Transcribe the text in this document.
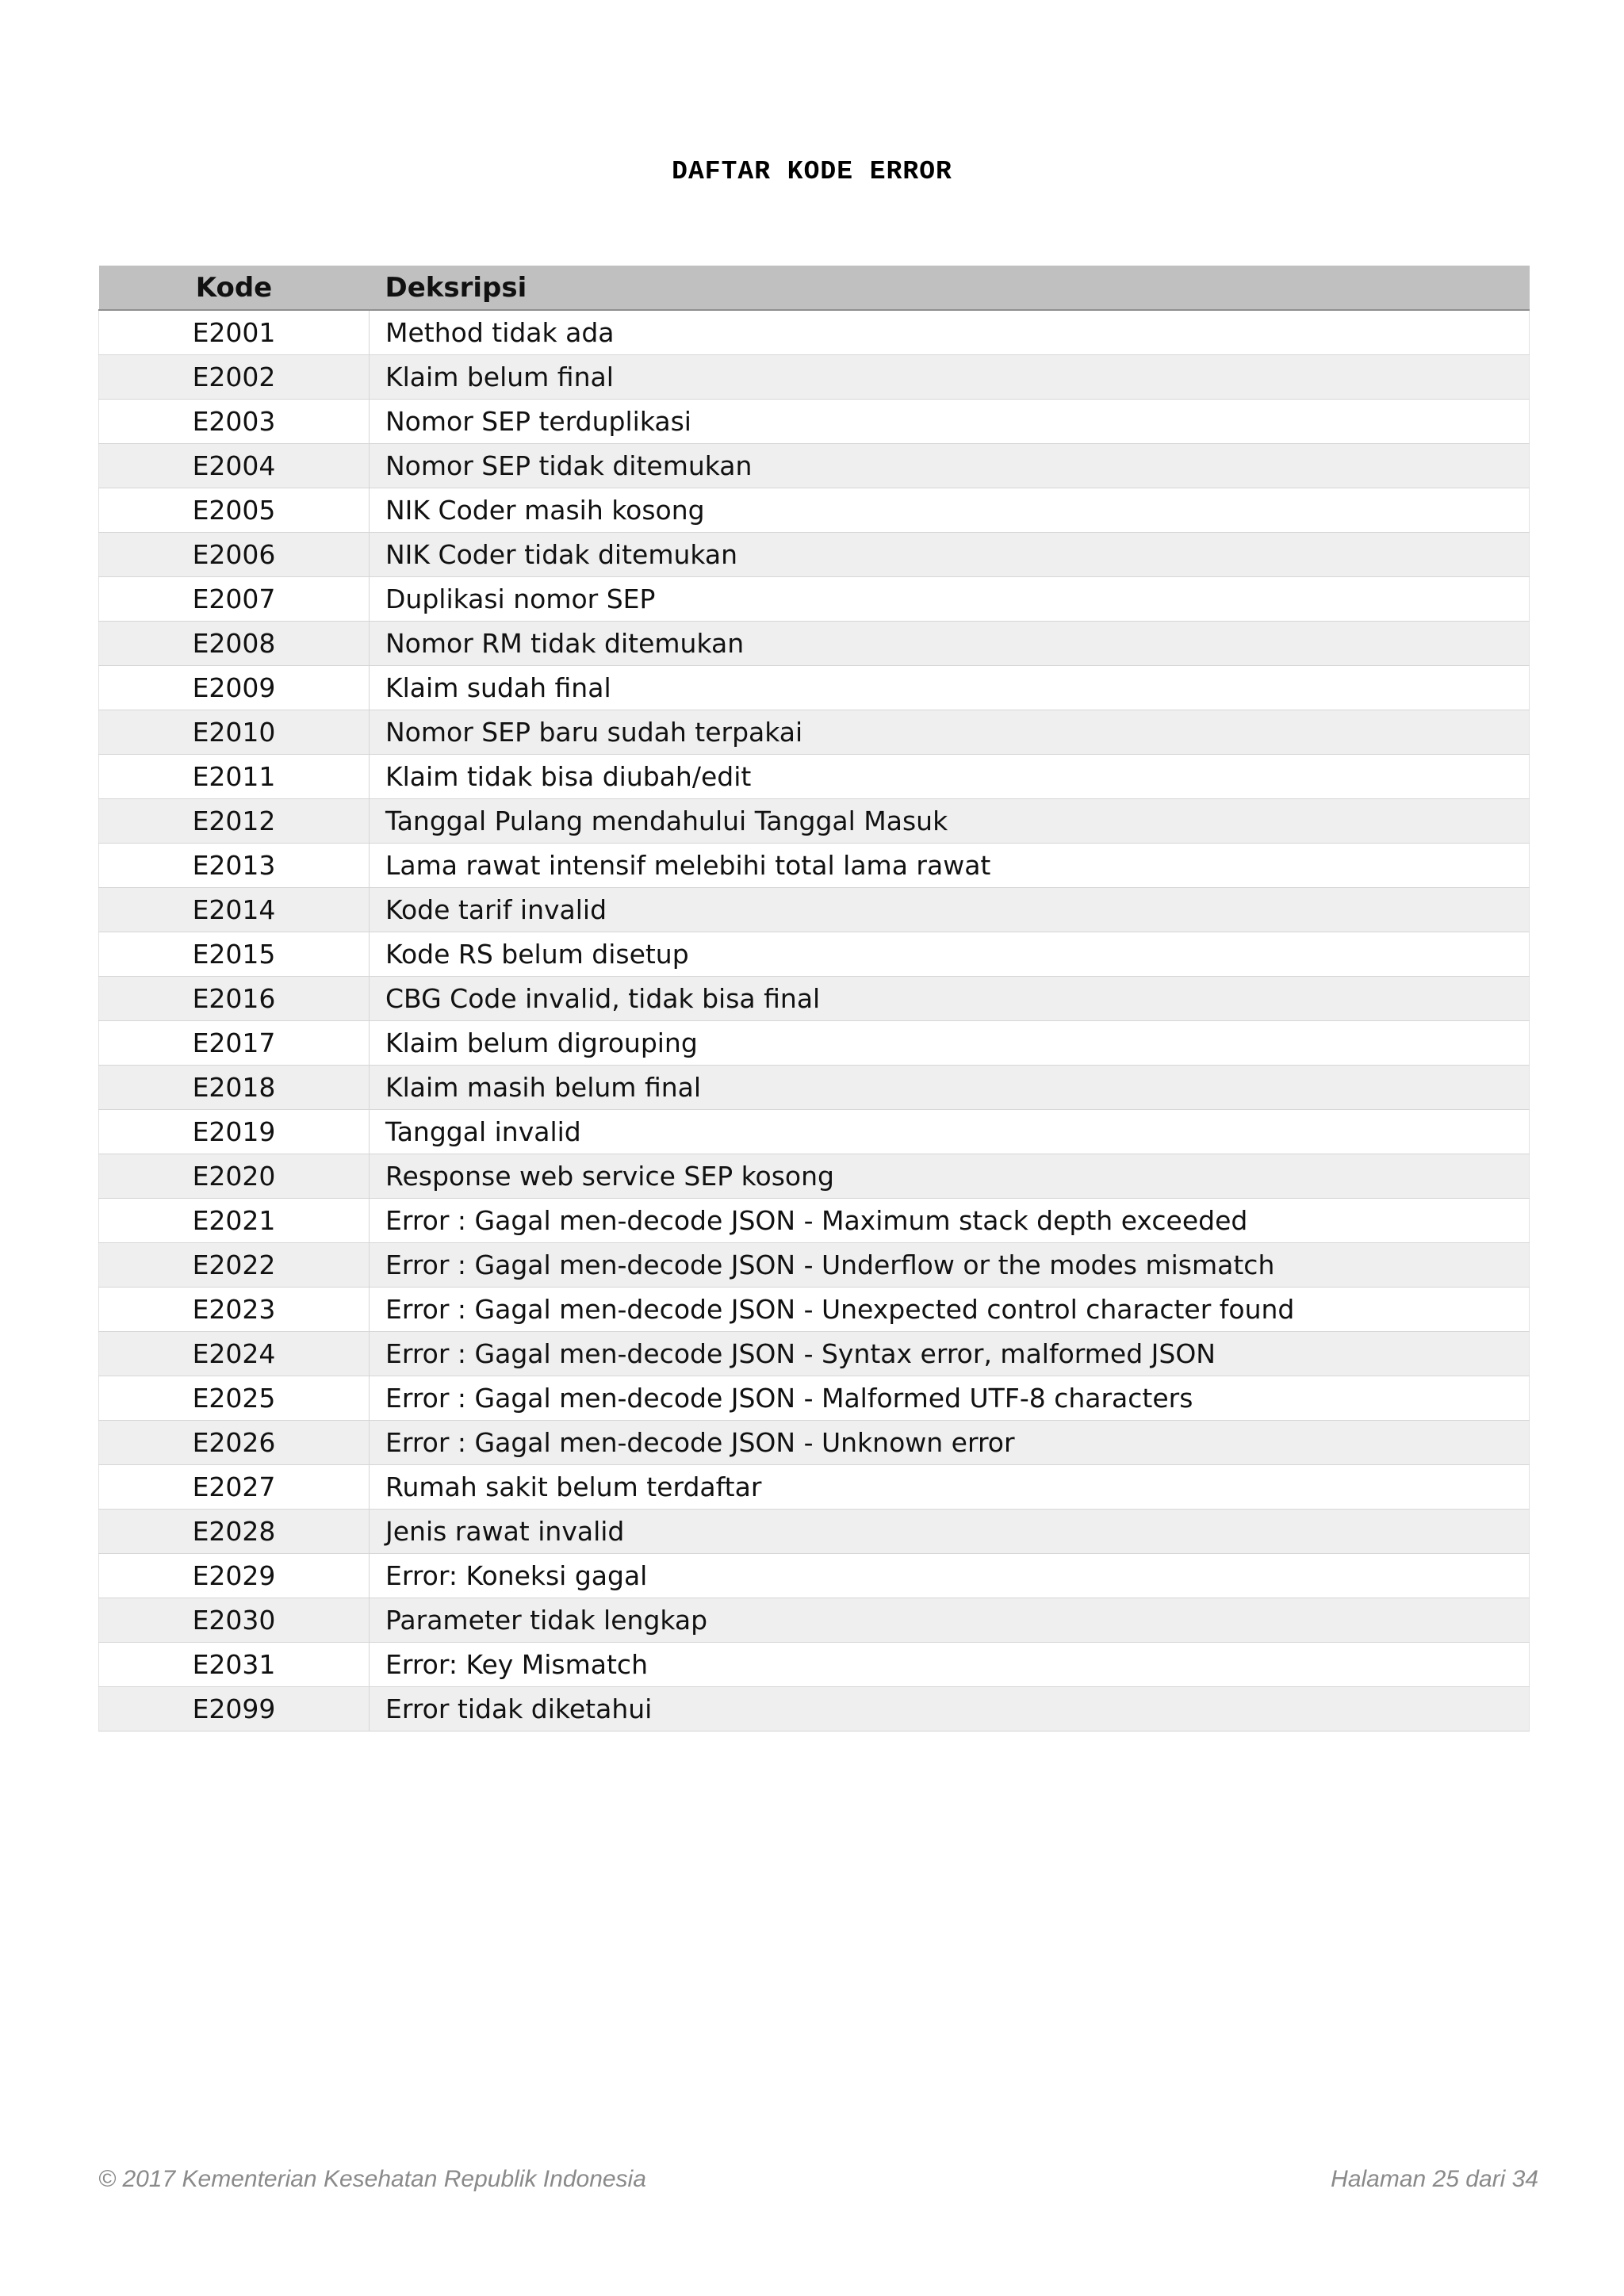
DAFTAR KODE ERROR
Kode	Deksripsi
E2001	Method tidak ada
E2002	Klaim belum final
E2003	Nomor SEP terduplikasi
E2004	Nomor SEP tidak ditemukan
E2005	NIK Coder masih kosong
E2006	NIK Coder tidak ditemukan
E2007	Duplikasi nomor SEP
E2008	Nomor RM tidak ditemukan
E2009	Klaim sudah final
E2010	Nomor SEP baru sudah terpakai
E2011	Klaim tidak bisa diubah/edit
E2012	Tanggal Pulang mendahului Tanggal Masuk
E2013	Lama rawat intensif melebihi total lama rawat
E2014	Kode tarif invalid
E2015	Kode RS belum disetup
E2016	CBG Code invalid, tidak bisa final
E2017	Klaim belum digrouping
E2018	Klaim masih belum final
E2019	Tanggal invalid
E2020	Response web service SEP kosong
E2021	Error : Gagal men-decode JSON - Maximum stack depth exceeded
E2022	Error : Gagal men-decode JSON - Underflow or the modes mismatch
E2023	Error : Gagal men-decode JSON - Unexpected control character found
E2024	Error : Gagal men-decode JSON - Syntax error, malformed JSON
E2025	Error : Gagal men-decode JSON - Malformed UTF-8 characters
E2026	Error : Gagal men-decode JSON - Unknown error
E2027	Rumah sakit belum terdaftar
E2028	Jenis rawat invalid
E2029	Error: Koneksi gagal
E2030	Parameter tidak lengkap
E2031	Error: Key Mismatch
E2099	Error tidak diketahui
© 2017 Kementerian Kesehatan Republik Indonesia	Halaman 25 dari 34
